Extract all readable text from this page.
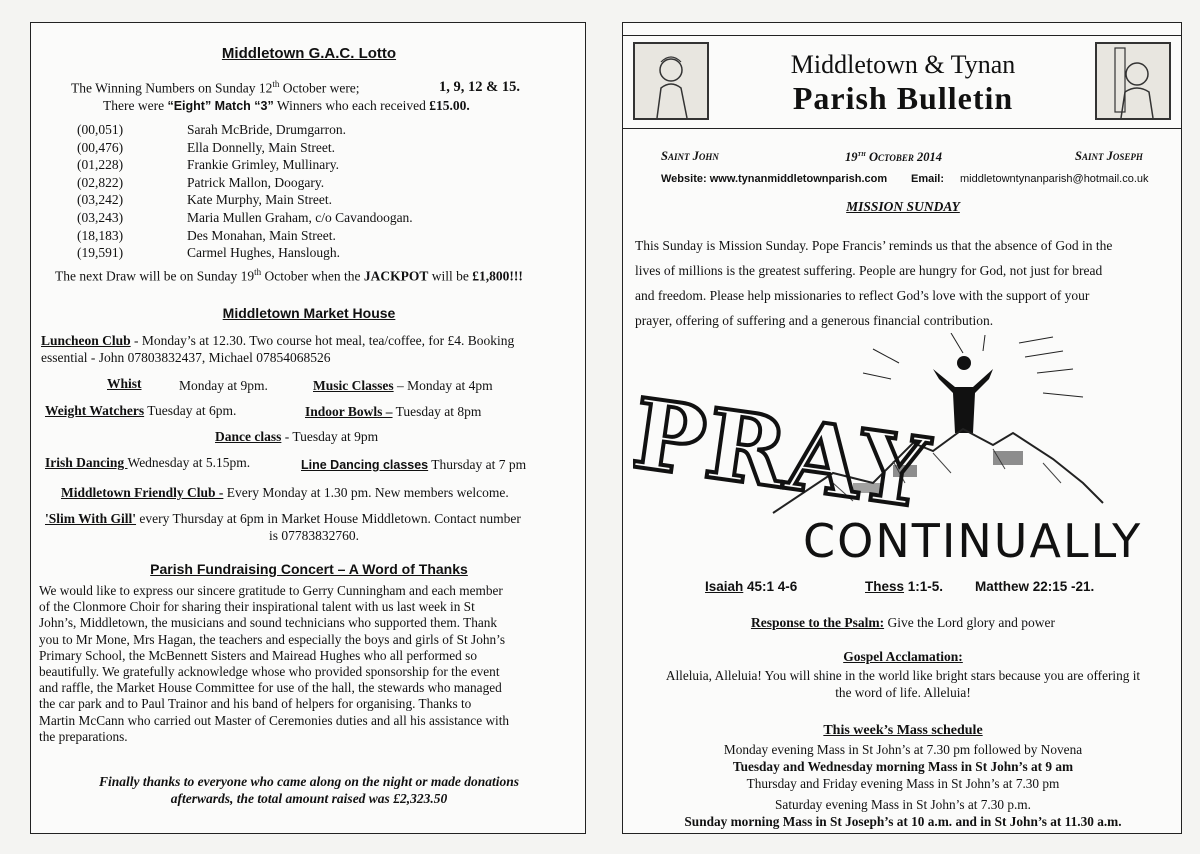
Middletown G.A.C. Lotto
The Winning Numbers on Sunday 12th October were;	1, 9, 12 & 15.
There were “Eight” Match “3” Winners who each received £15.00.
(00,051)	Sarah McBride, Drumgarron.
(00,476)	Ella Donnelly, Main Street.
(01,228)	Frankie Grimley, Mullinary.
(02,822)	Patrick Mallon, Doogary.
(03,242)	Kate Murphy, Main Street.
(03,243)	Maria Mullen Graham, c/o Cavandoogan.
(18,183)	Des Monahan, Main Street.
(19,591)	Carmel Hughes, Hanslough.
The next Draw will be on Sunday 19th October when the JACKPOT will be £1,800!!!
Middletown Market House
Luncheon Club - Monday’s at 12.30. Two course hot meal, tea/coffee, for £4. Booking
essential - John 07803832437, Michael 07854068526
Whist	Monday at 9pm.	Music Classes – Monday at 4pm
Weight Watchers Tuesday at 6pm.	Indoor Bowls – Tuesday at 8pm
Dance class - Tuesday at 9pm
Irish Dancing Wednesday at 5.15pm.	Line Dancing classes Thursday at 7 pm
Middletown Friendly Club - Every Monday at 1.30 pm. New members welcome.
'Slim With Gill' every Thursday at 6pm in Market House Middletown. Contact number
is 07783832760.
Parish Fundraising Concert – A Word of Thanks
We would like to express our sincere gratitude to Gerry Cunningham and each member
of the Clonmore Choir for sharing their inspirational talent with us last week in St
John’s, Middletown, the musicians and sound technicians who supported them. Thank
you to Mr Mone, Mrs Hagan, the teachers and especially the boys and girls of St John’s
Primary School, the McBennett Sisters and Mairead Hughes who all performed so
beautifully. We gratefully acknowledge whose who provided sponsorship for the event
and raffle, the Market House Committee for use of the hall, the stewards who managed
the car park and to Paul Trainor and his band of helpers for organising. Thanks to
Martin McCann who carried out Master of Ceremonies duties and all his assistance with
the preparations.
Finally thanks to everyone who came along on the night or made donations
afterwards, the total amount raised was £2,323.50
Middletown & Tynan
Parish Bulletin
Saint John	19th October 2014	Saint Joseph
Website: www.tynanmiddletownparish.com Email: middletowntynanparish@hotmail.co.uk
MISSION SUNDAY
This Sunday is Mission Sunday. Pope Francis’ reminds us that the absence of God in the
lives of millions is the greatest suffering. People are hungry for God, not just for bread
and freedom. Please help missionaries to reflect God’s love with the support of your
prayer, offering of suffering and a generous financial contribution.
PRAY
CONTINUALLY
Isaiah 45:1 4-6	Thess 1:1-5. Matthew 22:15 -21.
Response to the Psalm: Give the Lord glory and power
Gospel Acclamation:
Alleluia, Alleluia! You will shine in the world like bright stars because you are offering it
the word of life. Alleluia!
This week’s Mass schedule
Monday evening Mass in St John’s at 7.30 pm followed by Novena
Tuesday and Wednesday morning Mass in St John’s at 9 am
Thursday and Friday evening Mass in St John’s at 7.30 pm
Saturday evening Mass in St John’s at 7.30 p.m.
Sunday morning Mass in St Joseph’s at 10 a.m. and in St John’s at 11.30 a.m.
